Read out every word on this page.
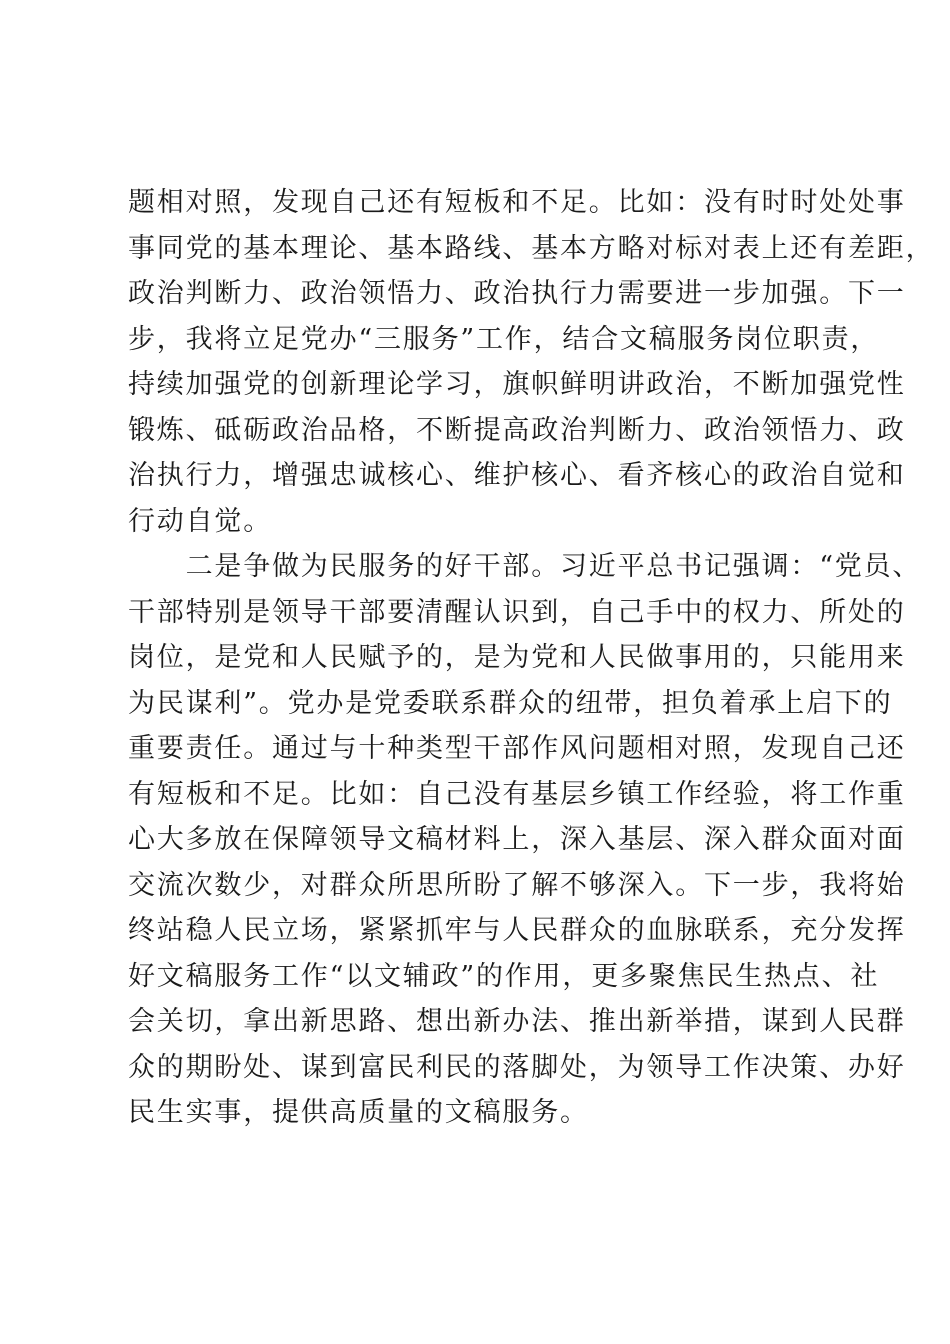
题相对照，发现自己还有短板和不足。比如：没有时时处处事
事同党的基本理论、基本路线、基本方略对标对表上还有差距，
政治判断力、政治领悟力、政治执行力需要进一步加强。下一
步，我将立足党办“三服务”工作，结合文稿服务岗位职责，
持续加强党的创新理论学习，旗帜鲜明讲政治，不断加强党性
锻炼、砥砺政治品格，不断提高政治判断力、政治领悟力、政
治执行力，增强忠诚核心、维护核心、看齐核心的政治自觉和
行动自觉。
　　二是争做为民服务的好干部。习近平总书记强调：“党员、
干部特别是领导干部要清醒认识到，自己手中的权力、所处的
岗位，是党和人民赋予的，是为党和人民做事用的，只能用来
为民谋利”。党办是党委联系群众的纽带，担负着承上启下的
重要责任。通过与十种类型干部作风问题相对照，发现自己还
有短板和不足。比如：自己没有基层乡镇工作经验，将工作重
心大多放在保障领导文稿材料上，深入基层、深入群众面对面
交流次数少，对群众所思所盼了解不够深入。下一步，我将始
终站稳人民立场，紧紧抓牢与人民群众的血脉联系，充分发挥
好文稿服务工作“以文辅政”的作用，更多聚焦民生热点、社
会关切，拿出新思路、想出新办法、推出新举措，谋到人民群
众的期盼处、谋到富民利民的落脚处，为领导工作决策、办好
民生实事，提供高质量的文稿服务。
